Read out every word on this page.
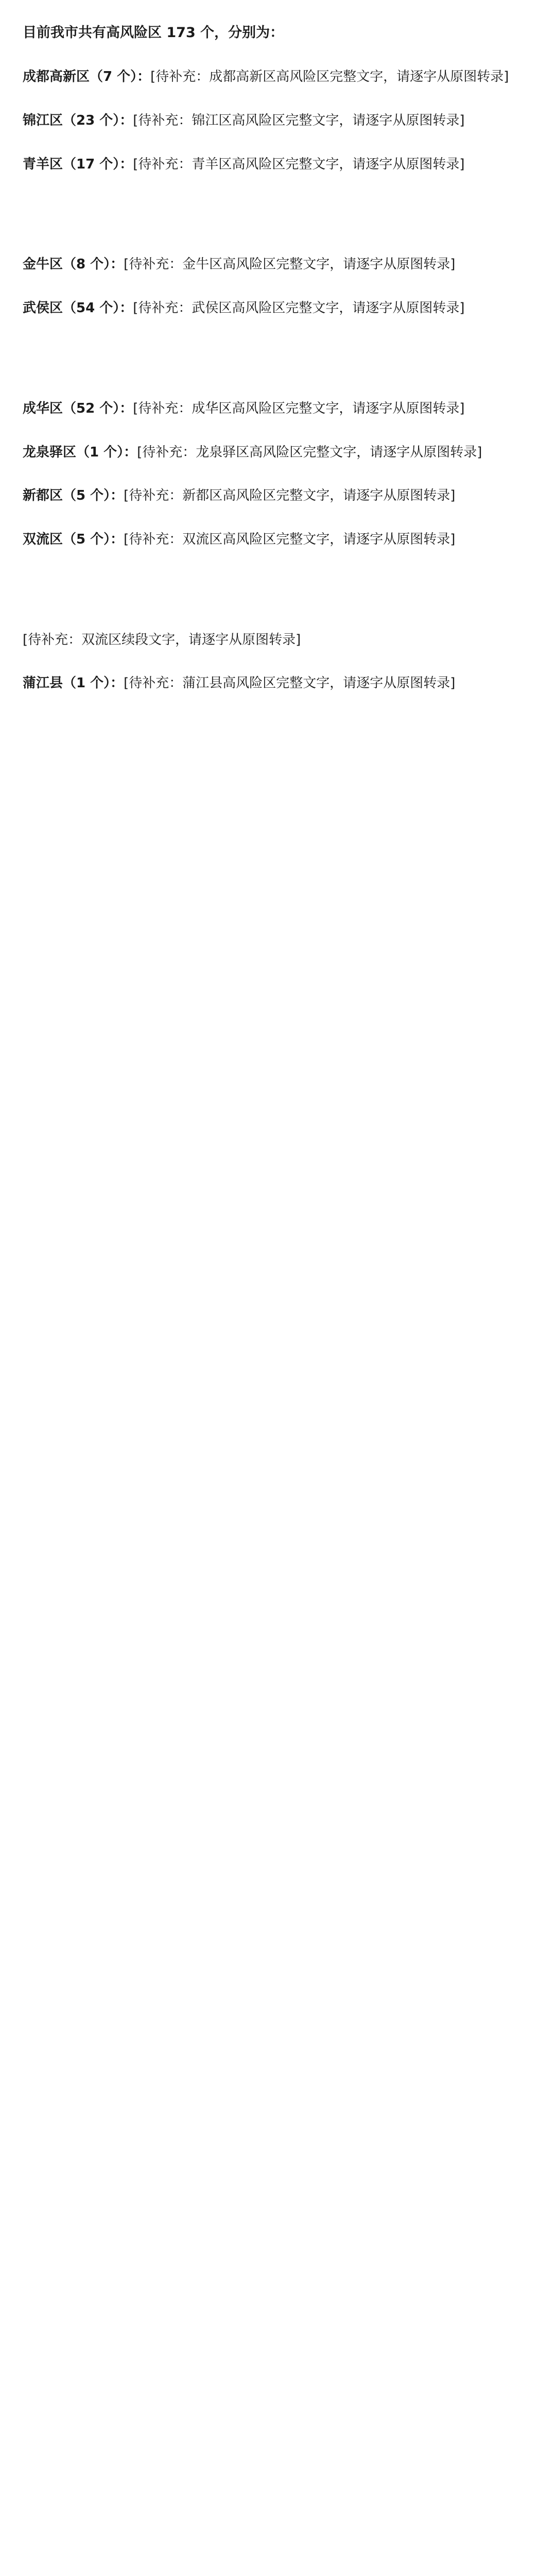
目前我市共有高风险区 173 个，分别为：

成都高新区（7 个）：[待补充：成都高新区高风险区完整文字，请逐字从原图转录]

锦江区（23 个）：[待补充：锦江区高风险区完整文字，请逐字从原图转录]

青羊区（17 个）：[待补充：青羊区高风险区完整文字，请逐字从原图转录]

金牛区（8 个）：[待补充：金牛区高风险区完整文字，请逐字从原图转录]

武侯区（54 个）：[待补充：武侯区高风险区完整文字，请逐字从原图转录]

成华区（52 个）：[待补充：成华区高风险区完整文字，请逐字从原图转录]

龙泉驿区（1 个）：[待补充：龙泉驿区高风险区完整文字，请逐字从原图转录]

新都区（5 个）：[待补充：新都区高风险区完整文字，请逐字从原图转录]

双流区（5 个）：[待补充：双流区高风险区完整文字，请逐字从原图转录]

[待补充：双流区续段文字，请逐字从原图转录]

蒲江县（1 个）：[待补充：蒲江县高风险区完整文字，请逐字从原图转录]
